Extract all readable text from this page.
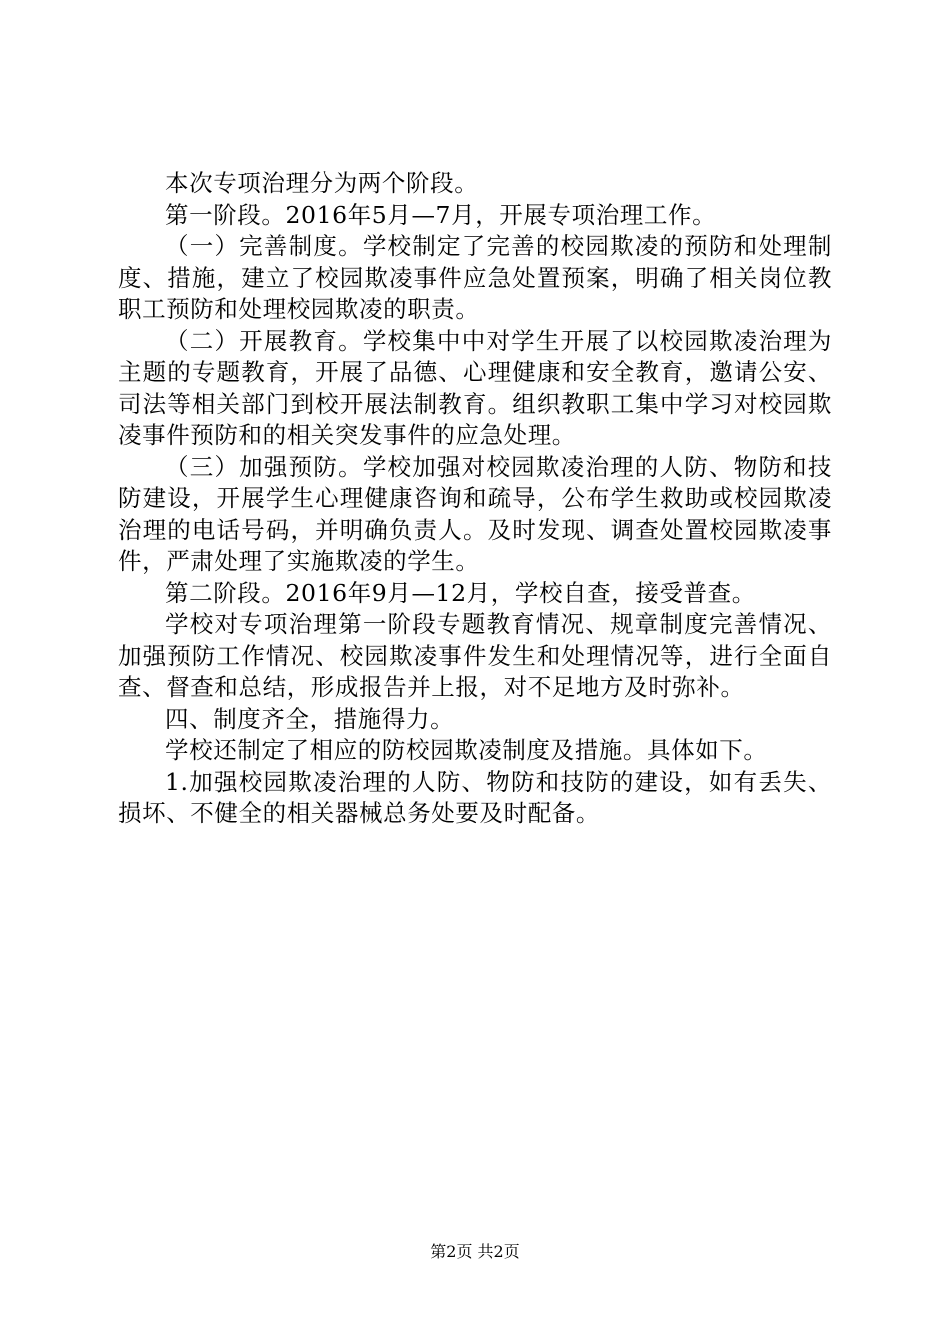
本次专项治理分为两个阶段。

第一阶段。2016年5月—7月，开展专项治理工作。

（一）完善制度。学校制定了完善的校园欺凌的预防和处理制度、措施，建立了校园欺凌事件应急处置预案，明确了相关岗位教职工预防和处理校园欺凌的职责。

（二）开展教育。学校集中中对学生开展了以校园欺凌治理为主题的专题教育，开展了品德、心理健康和安全教育，邀请公安、司法等相关部门到校开展法制教育。组织教职工集中学习对校园欺凌事件预防和的相关突发事件的应急处理。

（三）加强预防。学校加强对校园欺凌治理的人防、物防和技防建设，开展学生心理健康咨询和疏导，公布学生救助或校园欺凌治理的电话号码，并明确负责人。及时发现、调查处置校园欺凌事件，严肃处理了实施欺凌的学生。

第二阶段。2016年9月—12月，学校自查，接受普查。

学校对专项治理第一阶段专题教育情况、规章制度完善情况、加强预防工作情况、校园欺凌事件发生和处理情况等，进行全面自查、督查和总结，形成报告并上报，对不足地方及时弥补。

四、制度齐全，措施得力。

学校还制定了相应的防校园欺凌制度及措施。具体如下。

1.加强校园欺凌治理的人防、物防和技防的建设，如有丢失、损坏、不健全的相关器械总务处要及时配备。

第2页 共2页
